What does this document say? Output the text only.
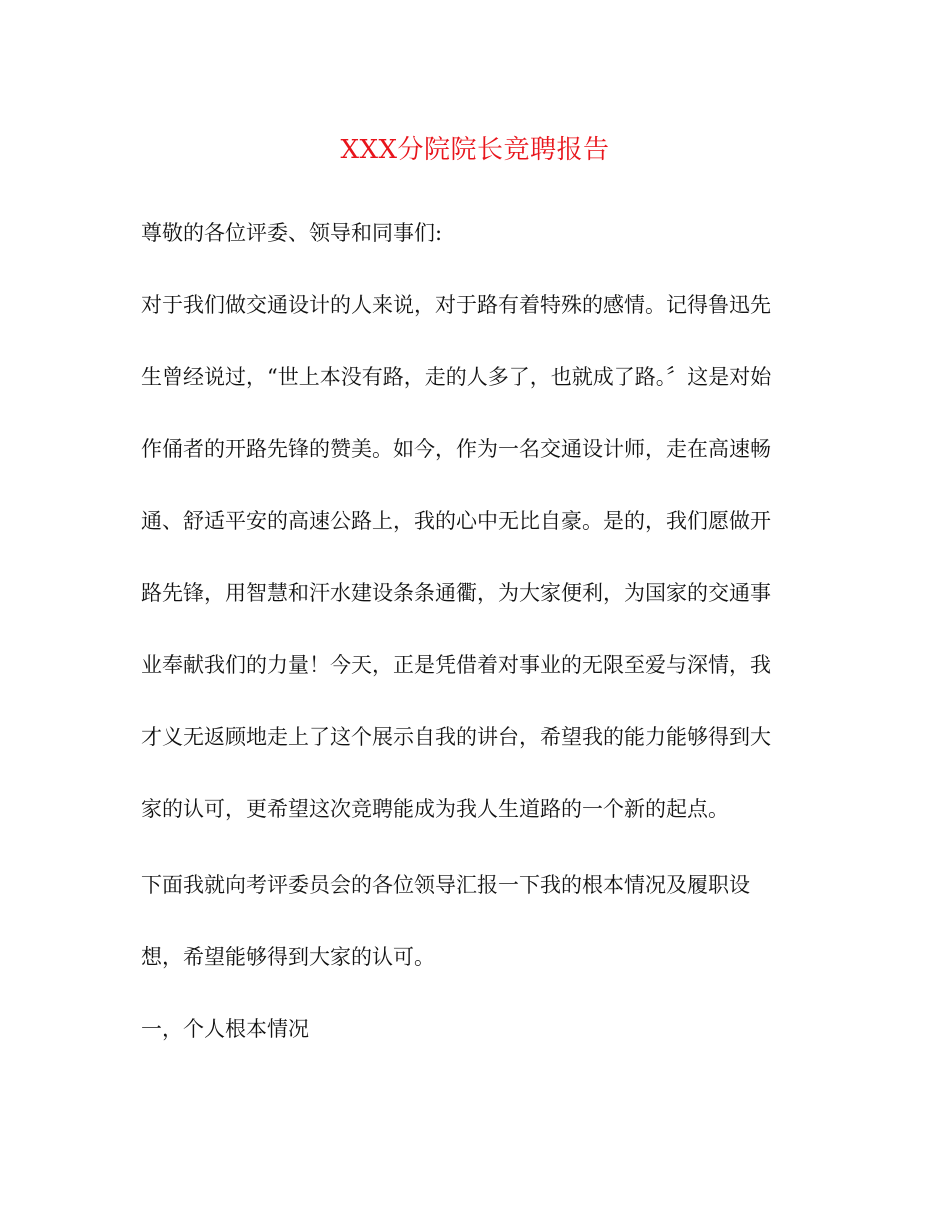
XXX分院院长竞聘报告
尊敬的各位评委、领导和同事们:
对于我们做交通设计的人来说，对于路有着特殊的感情。记得鲁迅先
生曾经说过，“世上本没有路，走的人多了，也就成了路。〞这是对始
作俑者的开路先锋的赞美。如今，作为一名交通设计师，走在高速畅
通、舒适平安的高速公路上，我的心中无比自豪。是的，我们愿做开
路先锋，用智慧和汗水建设条条通衢，为大家便利，为国家的交通事
业奉献我们的力量！今天，正是凭借着对事业的无限至爱与深情，我
才义无返顾地走上了这个展示自我的讲台，希望我的能力能够得到大
家的认可，更希望这次竞聘能成为我人生道路的一个新的起点。
下面我就向考评委员会的各位领导汇报一下我的根本情况及履职设
想，希望能够得到大家的认可。
一，个人根本情况
